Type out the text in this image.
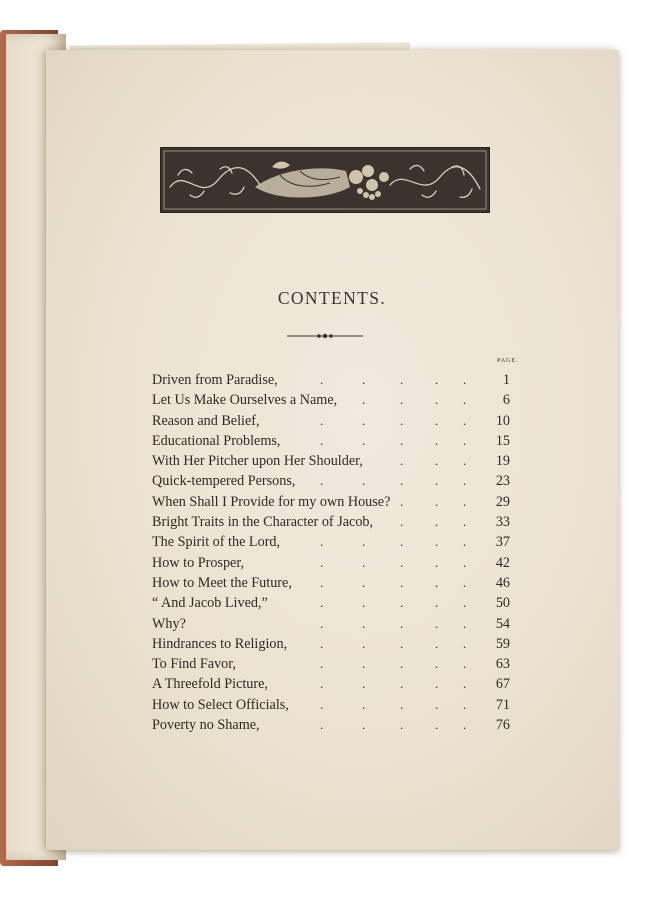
CONTENTS.
PAGE.
.	.	. . .
Driven from Paradise,	1
.	. . .
Let Us Make Ourselves a Name,	6
.	.	. . .
Reason and Belief,	10
.	.	. . .
Educational Problems,	15
. . .
With Her Pitcher upon Her Shoulder,	19
.	.	. . .
Quick-tempered Persons,	23
. . .
When Shall I Provide for my own House?	29
. . .
Bright Traits in the Character of Jacob,	33
.	.	. . .
The Spirit of the Lord,	37
.	.	. . .
How to Prosper,	42
.	.	. . .
How to Meet the Future,	46
.	.	. . .
“ And Jacob Lived,”	50
.	.	. . .
Why?	54
.	.	. . .
Hindrances to Religion,	59
.	.	. . .
To Find Favor,	63
.	.	. . .
A Threefold Picture,	67
.	.	. . .
How to Select Officials,	71
.	.	. . .
Poverty no Shame,	76
